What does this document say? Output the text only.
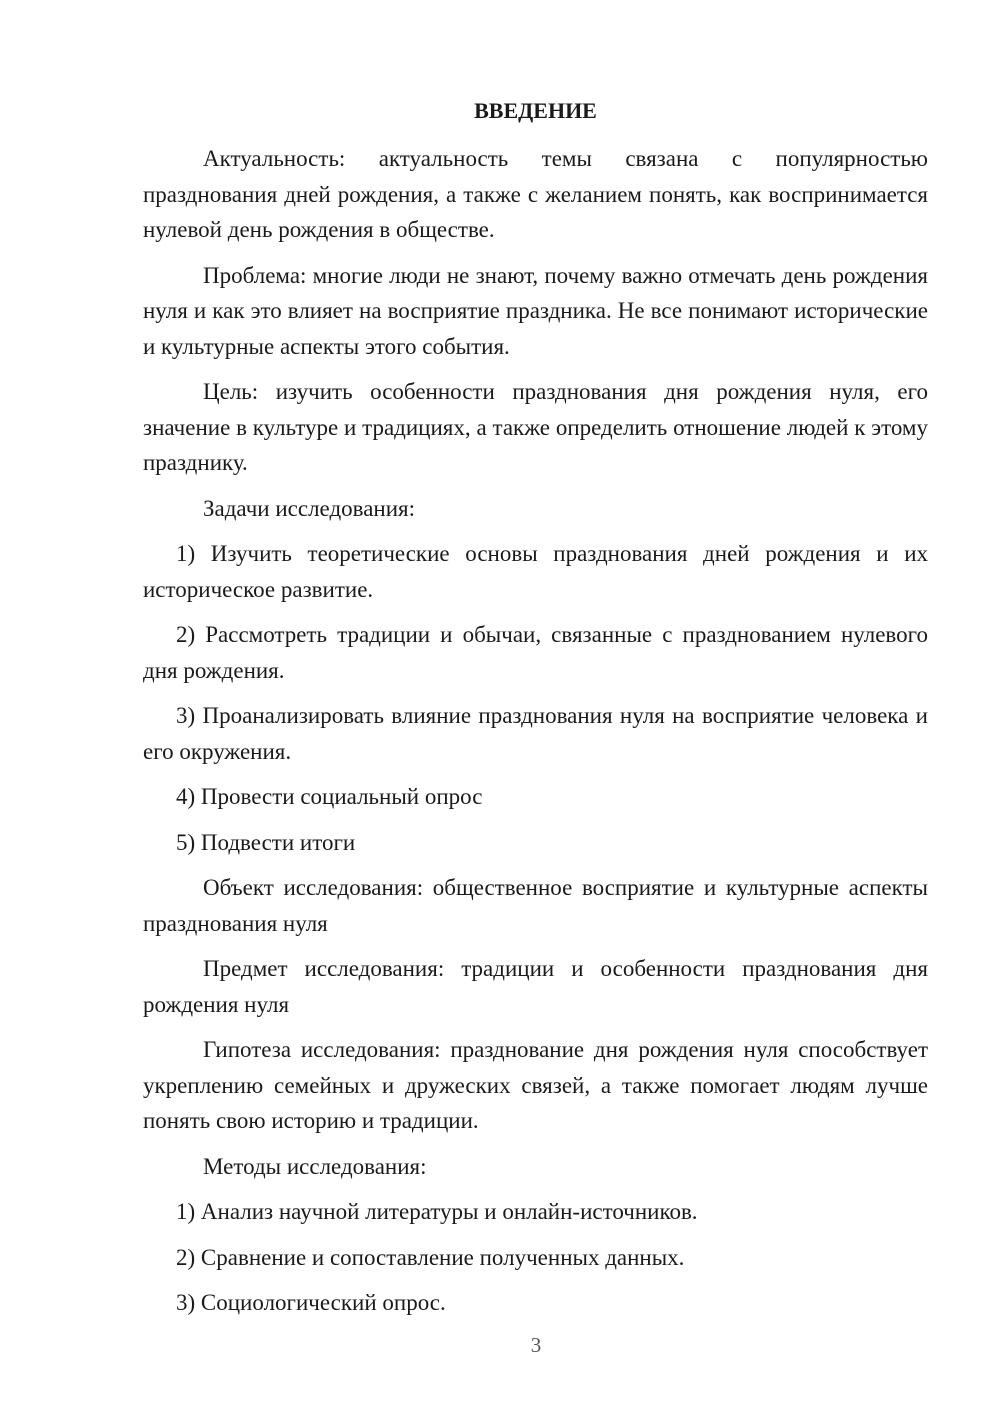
ВВЕДЕНИЕ
Актуальность: актуальность темы связана с популярностью празднования дней рождения, а также с желанием понять, как воспринимается нулевой день рождения в обществе.
Проблема: многие люди не знают, почему важно отмечать день рождения нуля и как это влияет на восприятие праздника. Не все понимают исторические и культурные аспекты этого события.
Цель: изучить особенности празднования дня рождения нуля, его значение в культуре и традициях, а также определить отношение людей к этому празднику.
Задачи исследования:
1) Изучить теоретические основы празднования дней рождения и их историческое развитие.
2) Рассмотреть традиции и обычаи, связанные с празднованием нулевого дня рождения.
3) Проанализировать влияние празднования нуля на восприятие человека и его окружения.
4) Провести социальный опрос
5) Подвести итоги
Объект исследования: общественное восприятие и культурные аспекты празднования нуля
Предмет исследования: традиции и особенности празднования дня рождения нуля
Гипотеза исследования: празднование дня рождения нуля способствует укреплению семейных и дружеских связей, а также помогает людям лучше понять свою историю и традиции.
Методы исследования:
1) Анализ научной литературы и онлайн-источников.
2) Сравнение и сопоставление полученных данных.
3) Социологический опрос.
3
